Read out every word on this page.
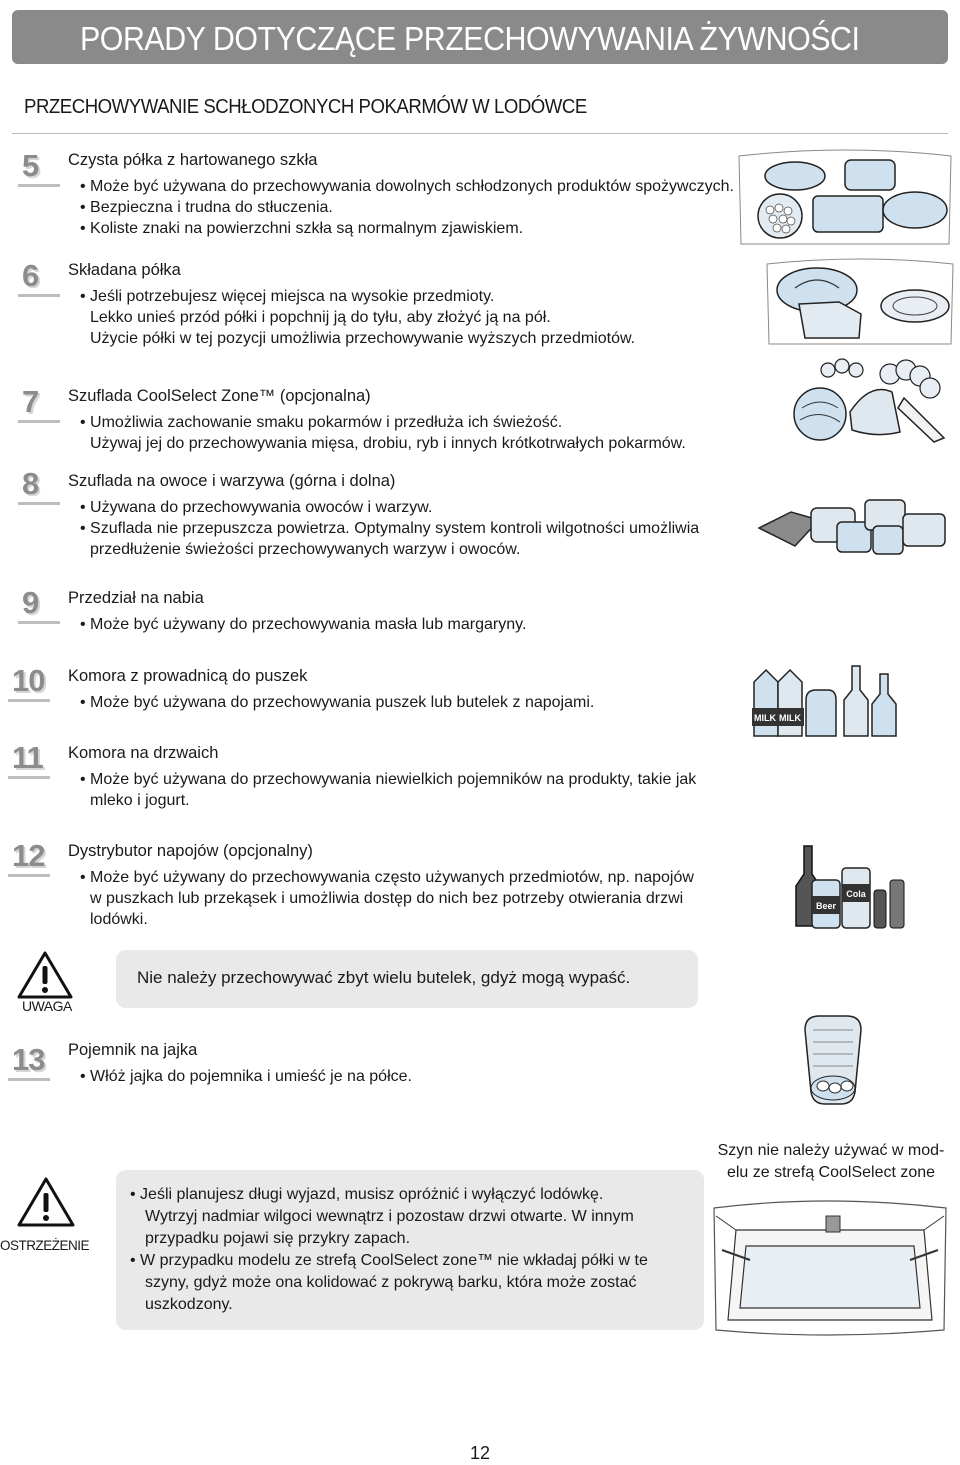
PORADY DOTYCZĄCE PRZECHOWYWANIA ŻYWNOŚCI
PRZECHOWYWANIE SCHŁODZONYCH POKARMÓW W LODÓWCE
5
6
7
8
9
10
11
12
13
Czysta półka z hartowanego szkła
• Może być używana do przechowywania dowolnych schłodzonych produktów spożywczych.
• Bezpieczna i trudna do stłuczenia.
• Koliste znaki na powierzchni szkła są normalnym zjawiskiem.
Składana półka
• Jeśli potrzebujesz więcej miejsca na wysokie przedmioty.
Lekko unieś przód półki i popchnij ją do tyłu, aby złożyć ją na pół.
Użycie półki w tej pozycji umożliwia przechowywanie wyższych przedmiotów.
Szuflada CoolSelect Zone™ (opcjonalna)
• Umożliwia zachowanie smaku pokarmów i przedłuża ich świeżość.
Używaj jej do przechowywania mięsa, drobiu, ryb i innych krótkotrwałych pokarmów.
Szuflada na owoce i warzywa (górna i dolna)
• Używana do przechowywania owoców i warzyw.
• Szuflada nie przepuszcza powietrza. Optymalny system kontroli wilgotności umożliwia
przedłużenie świeżości przechowywanych warzyw i owoców.
Przedział na nabia
• Może być używany do przechowywania masła lub margaryny.
Komora z prowadnicą do puszek
• Może być używana do przechowywania puszek lub butelek z napojami.
Komora na drzwaich
• Może być używana do przechowywania niewielkich pojemników na produkty, takie jak
mleko i jogurt.
Dystrybutor napojów (opcjonalny)
• Może być używany do przechowywania często używanych przedmiotów, np. napojów
w puszkach lub przekąsek i umożliwia dostęp do nich bez potrzeby otwierania drzwi
lodówki.
Pojemnik na jajka
• Włóż jajka do pojemnika i umieść je na półce.
UWAGA
Nie należy przechowywać zbyt wielu butelek, gdyż mogą wypaść.
OSTRZEŻENIE
• Jeśli planujesz długi wyjazd, musisz opróżnić i wyłączyć lodówkę.
Wytrzyj nadmiar wilgoci wewnątrz i pozostaw drzwi otwarte. W innym
przypadku pojawi się przykry zapach.
• W przypadku modelu ze strefą CoolSelect zone™ nie wkładaj półki w te
szyny, gdyż może ona kolidować z pokrywą barku, która może zostać
uszkodzony.
Szyn nie należy używać w mod-
elu ze strefą CoolSelect zone
MILK MILK
Beer
Cola
12
